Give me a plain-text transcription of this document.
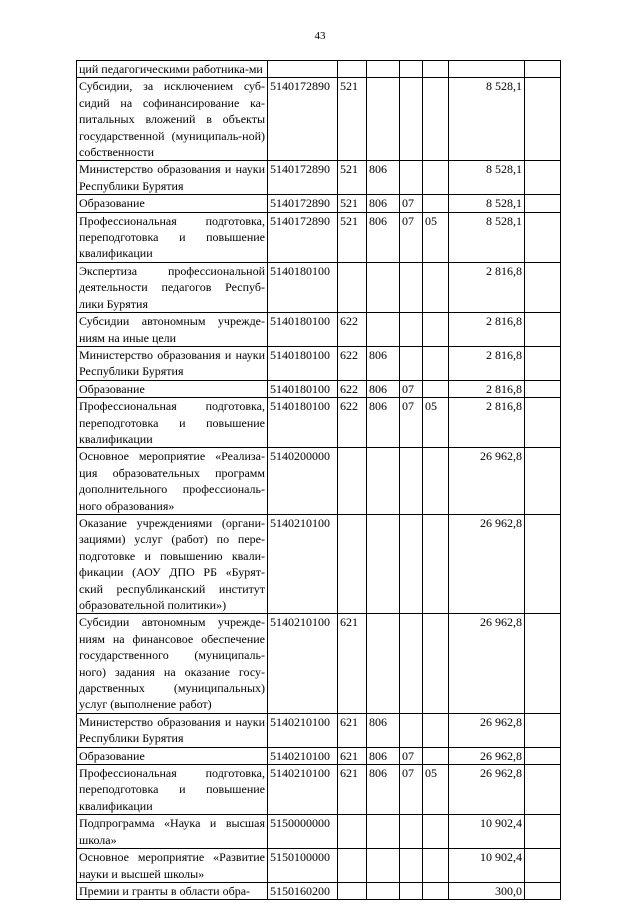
43
ций педагогическими работника-ми							
Субсидии, за исключением суб-сидий на софинансирование ка-питальных вложений в объекты государственной (муниципаль-ной) собственности	5140172890	521				8 528,1	
Министерство образования и науки Республики Бурятия	5140172890	521	806			8 528,1	
Образование	5140172890	521	806	07		8 528,1	
Профессиональная подготовка, переподготовка и повышение квалификации	5140172890	521	806	07	05	8 528,1	
Экспертиза профессиональной деятельности педагогов Респуб-лики Бурятия	5140180100					2 816,8	
Субсидии автономным учрежде-ниям на иные цели	5140180100	622				2 816,8	
Министерство образования и науки Республики Бурятия	5140180100	622	806			2 816,8	
Образование	5140180100	622	806	07		2 816,8	
Профессиональная подготовка, переподготовка и повышение квалификации	5140180100	622	806	07	05	2 816,8	
Основное мероприятие «Реализа-ция образовательных программ дополнительного профессиональ-ного образования»	5140200000					26 962,8	
Оказание учреждениями (органи-зациями) услуг (работ) по пере-подготовке и повышению квали-фикации (АОУ ДПО РБ «Бурят-ский республиканский институт образовательной политики»)	5140210100					26 962,8	
Субсидии автономным учрежде-ниям на финансовое обеспечение государственного (муниципаль-ного) задания на оказание госу-дарственных (муниципальных) услуг (выполнение работ)	5140210100	621				26 962,8	
Министерство образования и науки Республики Бурятия	5140210100	621	806			26 962,8	
Образование	5140210100	621	806	07		26 962,8	
Профессиональная подготовка, переподготовка и повышение квалификации	5140210100	621	806	07	05	26 962,8	
Подпрограмма «Наука и высшая школа»	5150000000					10 902,4	
Основное мероприятие «Развитие науки и высшей школы»	5150100000					10 902,4	
Премии и гранты в области обра-	5150160200					300,0	
